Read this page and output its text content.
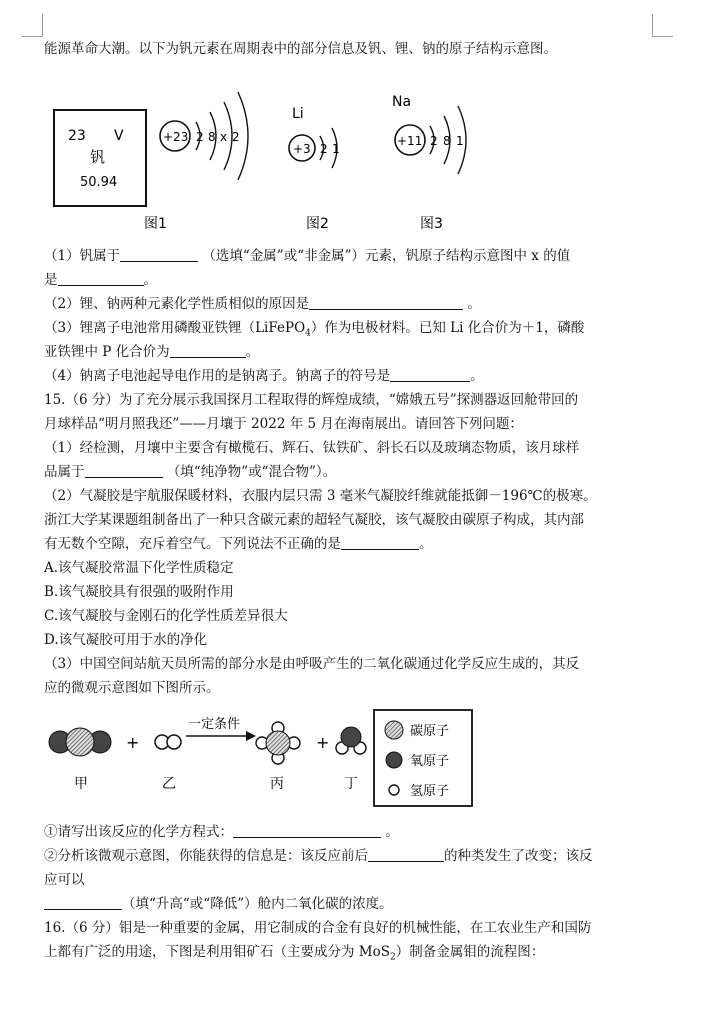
能源革命大潮。以下为钒元素在周期表中的部分信息及钒、锂、钠的原子结构示意图。
23 V
钒
50.94
+23 2 8 x 2
Li
+3 2 1
Na
+11 2 8 1
图1	图2	图3
（1）钒属于	（选填“金属”或“非金属”）元素，钒原子结构示意图中 x 的值
是	。
（2）锂、钠两种元素化学性质相似的原因是	。
（3）锂离子电池常用磷酸亚铁锂（LiFePO$_4$）作为电极材料。已知 Li 化合价为＋1，磷酸
亚铁锂中 P 化合价为	。
（4）钠离子电池起导电作用的是钠离子。钠离子的符号是	。
15.（6 分）为了充分展示我国探月工程取得的辉煌成绩，“嫦娥五号”探测器返回舱带回的
月球样品“明月照我还”——月壤于 2022 年 5 月在海南展出。请回答下列问题：
（1）经检测，月壤中主要含有橄榄石、辉石、钛铁矿、斜长石以及玻璃态物质，该月球样
品属于	（填“纯净物”或“混合物”）。
（2）气凝胶是宇航服保暖材料，衣服内层只需 3 毫米气凝胶纤维就能抵御－196℃的极寒。
浙江大学某课题组制备出了一种只含碳元素的超轻气凝胶，该气凝胶由碳原子构成，其内部
有无数个空隙，充斥着空气。下列说法不正确的是	。
A.该气凝胶常温下化学性质稳定
B.该气凝胶具有很强的吸附作用
C.该气凝胶与金刚石的化学性质差异很大
D.该气凝胶可用于水的净化
（3）中国空间站航天员所需的部分水是由呼吸产生的二氧化碳通过化学反应生成的，其反
应的微观示意图如下图所示。
+
一定条件
+
甲	乙	丙	丁
碳原子
氧原子
氢原子
①请写出该反应的化学方程式：	。
②分析该微观示意图，你能获得的信息是：该反应前后	的种类发生了改变；该反
应可以
（填“升高“或“降低”）舱内二氧化碳的浓度。
16.（6 分）钼是一种重要的金属，用它制成的合金有良好的机械性能，在工农业生产和国防
上都有广泛的用途，下图是利用钼矿石（主要成分为 MoS$_2$）制备金属钼的流程图：
